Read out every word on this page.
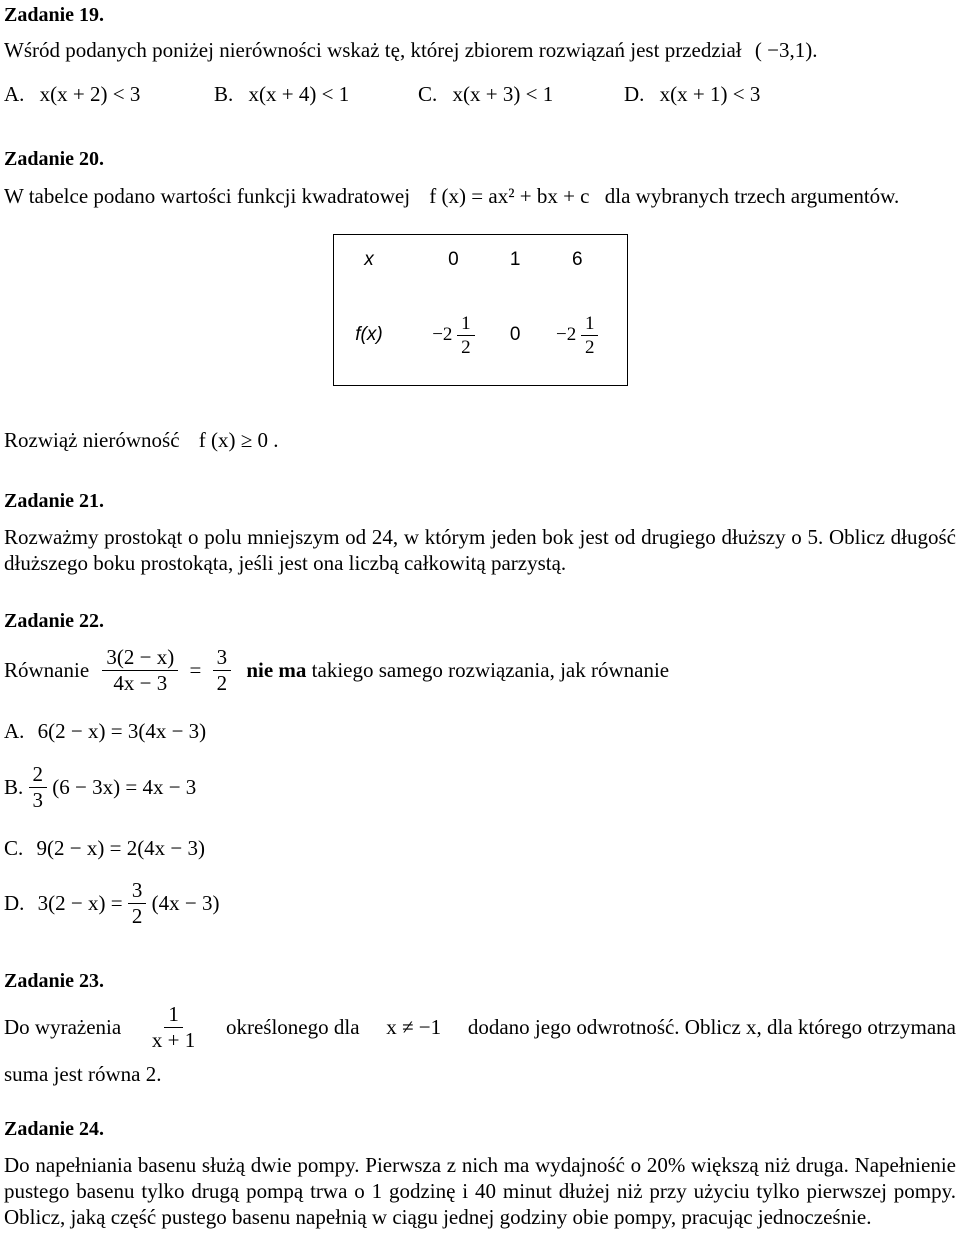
Zadanie 19.
Wśród podanych poniżej nierówności wskaż tę, której zbiorem rozwiązań jest przedział ( −3,1).
A. x(x + 2) < 3	B. x(x + 4) < 1	C. x(x + 3) < 1	D. x(x + 1) < 3
Zadanie 20.
W tabelce podano wartości funkcji kwadratowej f (x) = ax² + bx + c dla wybranych trzech argumentów.
x	0	1	6
f(x)	$-2 \frac{1}{2}$	0	$-2 \frac{1}{2}$
Rozwiąż nierówność f (x) ≥ 0 .
Zadanie 21.
Rozważmy prostokąt o polu mniejszym od 24, w którym jeden bok jest od drugiego dłuższy o 5. Oblicz długość dłuższego boku prostokąta, jeśli jest ona liczbą całkowitą parzystą.
Zadanie 22.
Równanie $\frac{3(2 - x)}{4x - 3} = \frac{3}{2}$ nie ma takiego samego rozwiązania, jak równanie
A. 6(2 − x) = 3(4x − 3)
B. $\frac{2}{3} (6 - 3x) = 4x - 3$
C. 9(2 − x) = 2(4x − 3)
D. $3(2 - x) = \frac{3}{2} (4x - 3)$
Zadanie 23.
Do wyrażenia $\frac{1}{x + 1}$ określonego dla x ≠ −1 dodano jego odwrotność. Oblicz x, dla którego otrzymana
suma jest równa 2.
Zadanie 24.
Do napełniania basenu służą dwie pompy. Pierwsza z nich ma wydajność o 20% większą niż druga. Napełnienie pustego basenu tylko drugą pompą trwa o 1 godzinę i 40 minut dłużej niż przy użyciu tylko pierwszej pompy. Oblicz, jaką część pustego basenu napełnią w ciągu jednej godziny obie pompy, pracując jednocześnie.
